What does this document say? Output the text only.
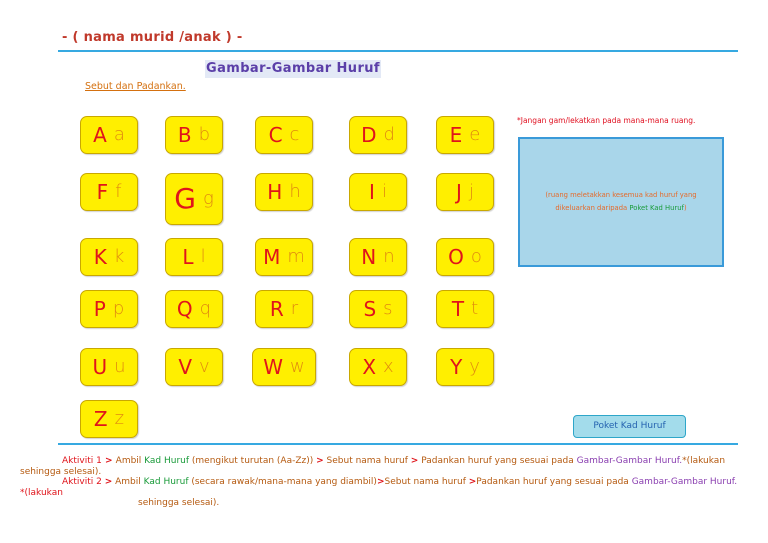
- ( nama murid /anak ) -
Gambar-Gambar Huruf
Sebut dan Padankan.
A a	B b	C c	D d	E e
F f G g	H h	I i	J j
K k	L l	M m	N n	O o
P p	Q q	R r	S s	T t
U u	V v	W w	X x	Y y
Z z
*Jangan gam/lekatkan pada mana-mana ruang.
(ruang meletakkan kesemua kad huruf yang dikeluarkan daripada Poket Kad Huruf)
Poket Kad Huruf
Aktiviti 1 > Ambil Kad Huruf (mengikut turutan (Aa-Zz)) > Sebut nama huruf > Padankan huruf yang sesuai pada Gambar-Gambar Huruf.*(lakukan sehingga selesai).
Aktiviti 2 > Ambil Kad Huruf (secara rawak/mana-mana yang diambil)>Sebut nama huruf >Padankan huruf yang sesuai pada Gambar-Gambar Huruf. *(lakukan
sehingga selesai).
